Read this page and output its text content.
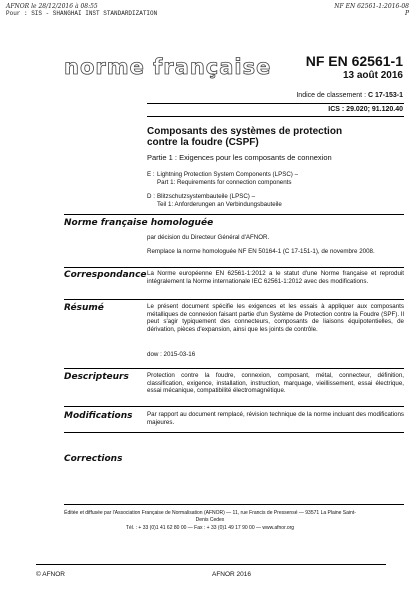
AFNOR le 28/12/2016 à 08:55
Pour : SIS - SHANGHAI INST STANDARDIZATION
NF EN 62561-1:2016-08
P
norme française NF EN 62561-1
13 août 2016
Indice de classement : C 17-153-1
ICS : 29.020; 91.120.40
Composants des systèmes de protection
contre la foudre (CSPF)
Partie 1 : Exigences pour les composants de connexion
E : Lightning Protection System Components (LPSC) –
Part 1: Requirements for connection components
D : Blitzschutzsystembauteile (LPSC) –
Teil 1: Anforderungen an Verbindungsbauteile
Norme française homologuée
par décision du Directeur Général d'AFNOR.
Remplace la norme homologuée NF EN 50164-1 (C 17-151-1), de novembre 2008.
Correspondance La Norme européenne EN 62561-1:2012 a le statut d'une Norme française et reproduit intégralement la Norme internationale IEC 62561-1:2012 avec des modifications.
Résumé	Le présent document spécifie les exigences et les essais à appliquer aux composants métalliques de connexion faisant partie d'un Système de Protection contre la Foudre (SPF). Il peut s'agir typiquement des connecteurs, composants de liaisons équipotentielles, de dérivation, pièces d'expansion, ainsi que les joints de contrôle.
dow : 2015-03-16
Descripteurs	Protection contre la foudre, connexion, composant, métal, connecteur, définition, classification, exigence, installation, instruction, marquage, vieillissement, essai électrique, essai mécanique, compatibilité électromagnétique.
Modifications Par rapport au document remplacé, révision technique de la norme incluant des modifications majeures.
Corrections
Éditée et diffusée par l'Association Française de Normalisation (AFNOR) — 11, rue Francis de Pressensé — 93571 La Plaine Saint-Denis Cedex
Tél. : + 33 (0)1 41 62 80 00 — Fax : + 33 (0)1 49 17 90 00 — www.afnor.org
© AFNOR	AFNOR 2016
